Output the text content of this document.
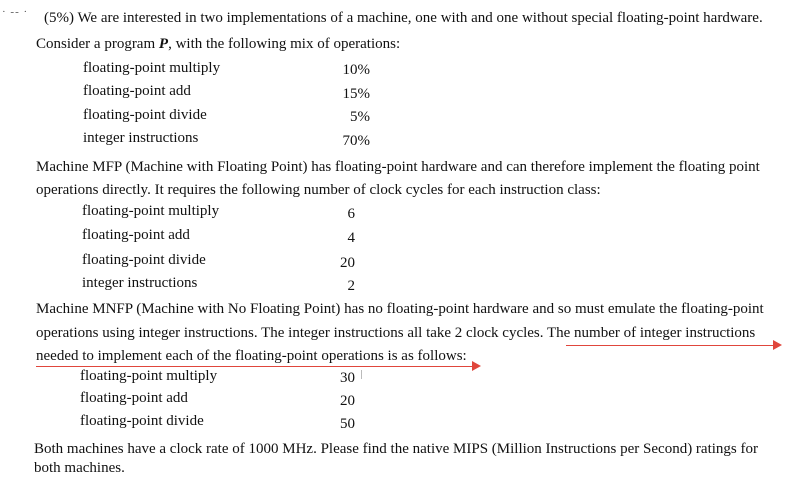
· -- · (5%) We are interested in two implementations of a machine, one with and one without special floating-point hardware.
Consider a program P, with the following mix of operations:
floating-point multiply	10%
floating-point add	15%
floating-point divide	5%
integer instructions	70%
Machine MFP (Machine with Floating Point) has floating-point hardware and can therefore implement the floating point
operations directly. It requires the following number of clock cycles for each instruction class:
floating-point multiply	6
floating-point add	4
floating-point divide	20
integer instructions	2
Machine MNFP (Machine with No Floating Point) has no floating-point hardware and so must emulate the floating-point
operations using integer instructions. The integer instructions all take 2 clock cycles. The number of integer instructions
needed to implement each of the floating-point operations is as follows:
floating-point multiply	30
floating-point add	20
floating-point divide	50
Both machines have a clock rate of 1000 MHz. Please find the native MIPS (Million Instructions per Second) ratings for
both machines.
